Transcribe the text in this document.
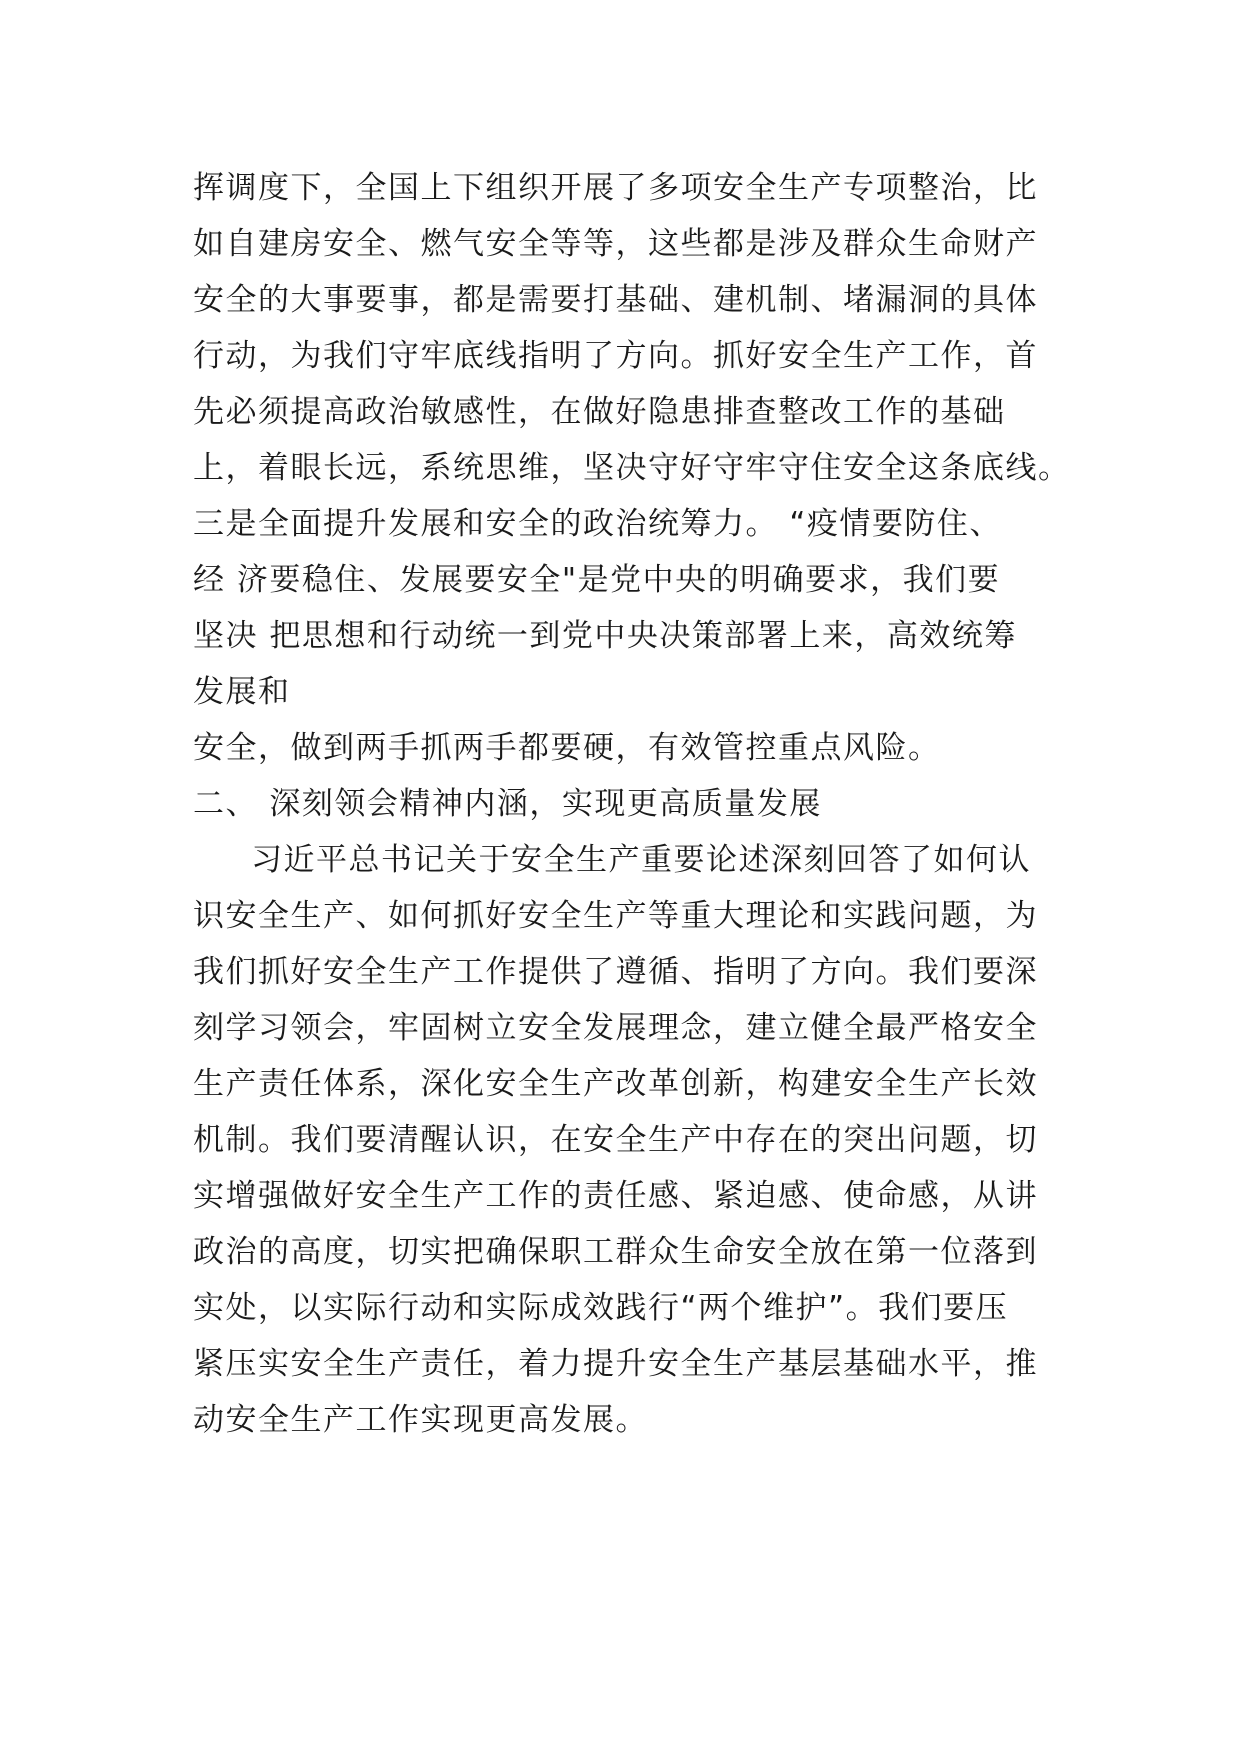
挥调度下，全国上下组织开展了多项安全生产专项整治，比
如自建房安全、燃气安全等等，这些都是涉及群众生命财产
安全的大事要事，都是需要打基础、建机制、堵漏洞的具体
行动，为我们守牢底线指明了方向。抓好安全生产工作，首
先必须提高政治敏感性，在做好隐患排查整改工作的基础
上，着眼长远，系统思维，坚决守好守牢守住安全这条底线。
三是全面提升发展和安全的政治统筹力。 “疫情要防住、
经 济要稳住、发展要安全"是党中央的明确要求，我们要
坚决 把思想和行动统一到党中央决策部署上来，高效统筹
发展和
安全，做到两手抓两手都要硬，有效管控重点风险。
二、 深刻领会精神内涵，实现更高质量发展
习近平总书记关于安全生产重要论述深刻回答了如何认
识安全生产、如何抓好安全生产等重大理论和实践问题，为
我们抓好安全生产工作提供了遵循、指明了方向。我们要深
刻学习领会，牢固树立安全发展理念，建立健全最严格安全
生产责任体系，深化安全生产改革创新，构建安全生产长效
机制。我们要清醒认识，在安全生产中存在的突出问题，切
实增强做好安全生产工作的责任感、紧迫感、使命感，从讲
政治的高度，切实把确保职工群众生命安全放在第一位落到
实处，以实际行动和实际成效践行“两个维护”。我们要压
紧压实安全生产责任，着力提升安全生产基层基础水平，推
动安全生产工作实现更高发展。
